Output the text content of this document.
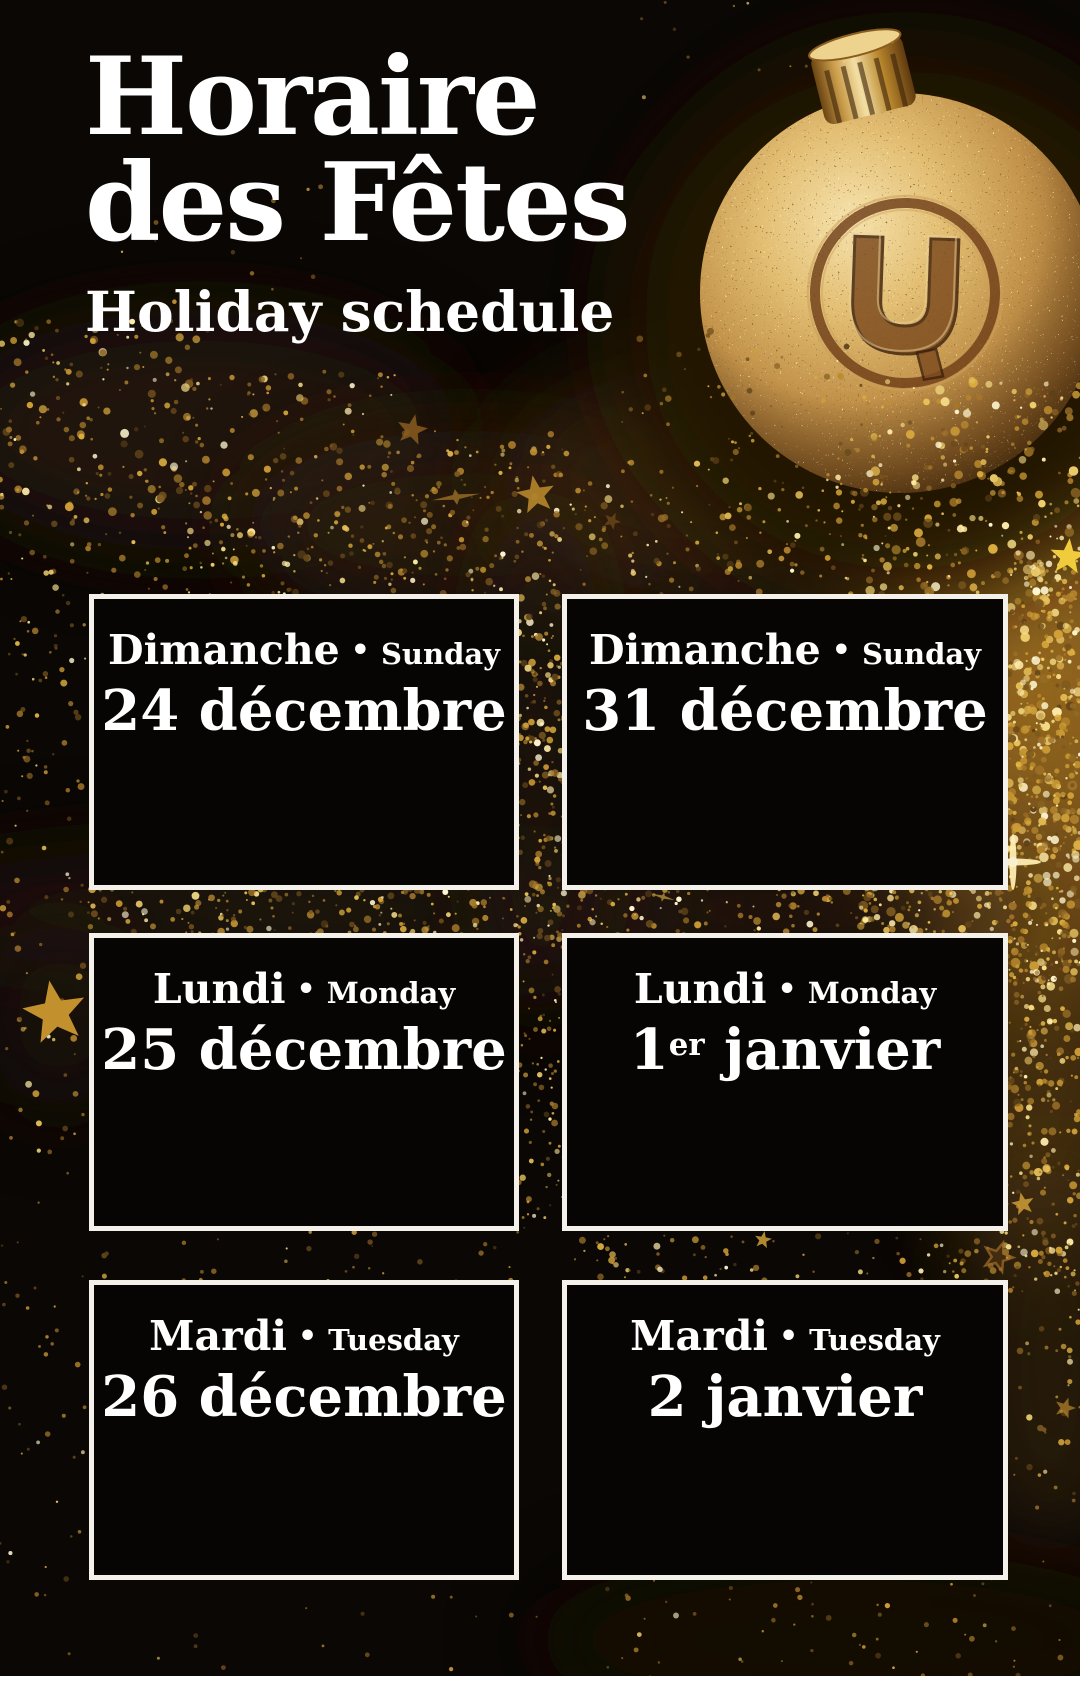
Horaire
des Fêtes
Holiday schedule
Dimanche • Sunday
24 décembre
Dimanche • Sunday
31 décembre
Lundi • Monday
25 décembre
Lundi • Monday
1er janvier
Mardi • Tuesday
26 décembre
Mardi • Tuesday
2 janvier
